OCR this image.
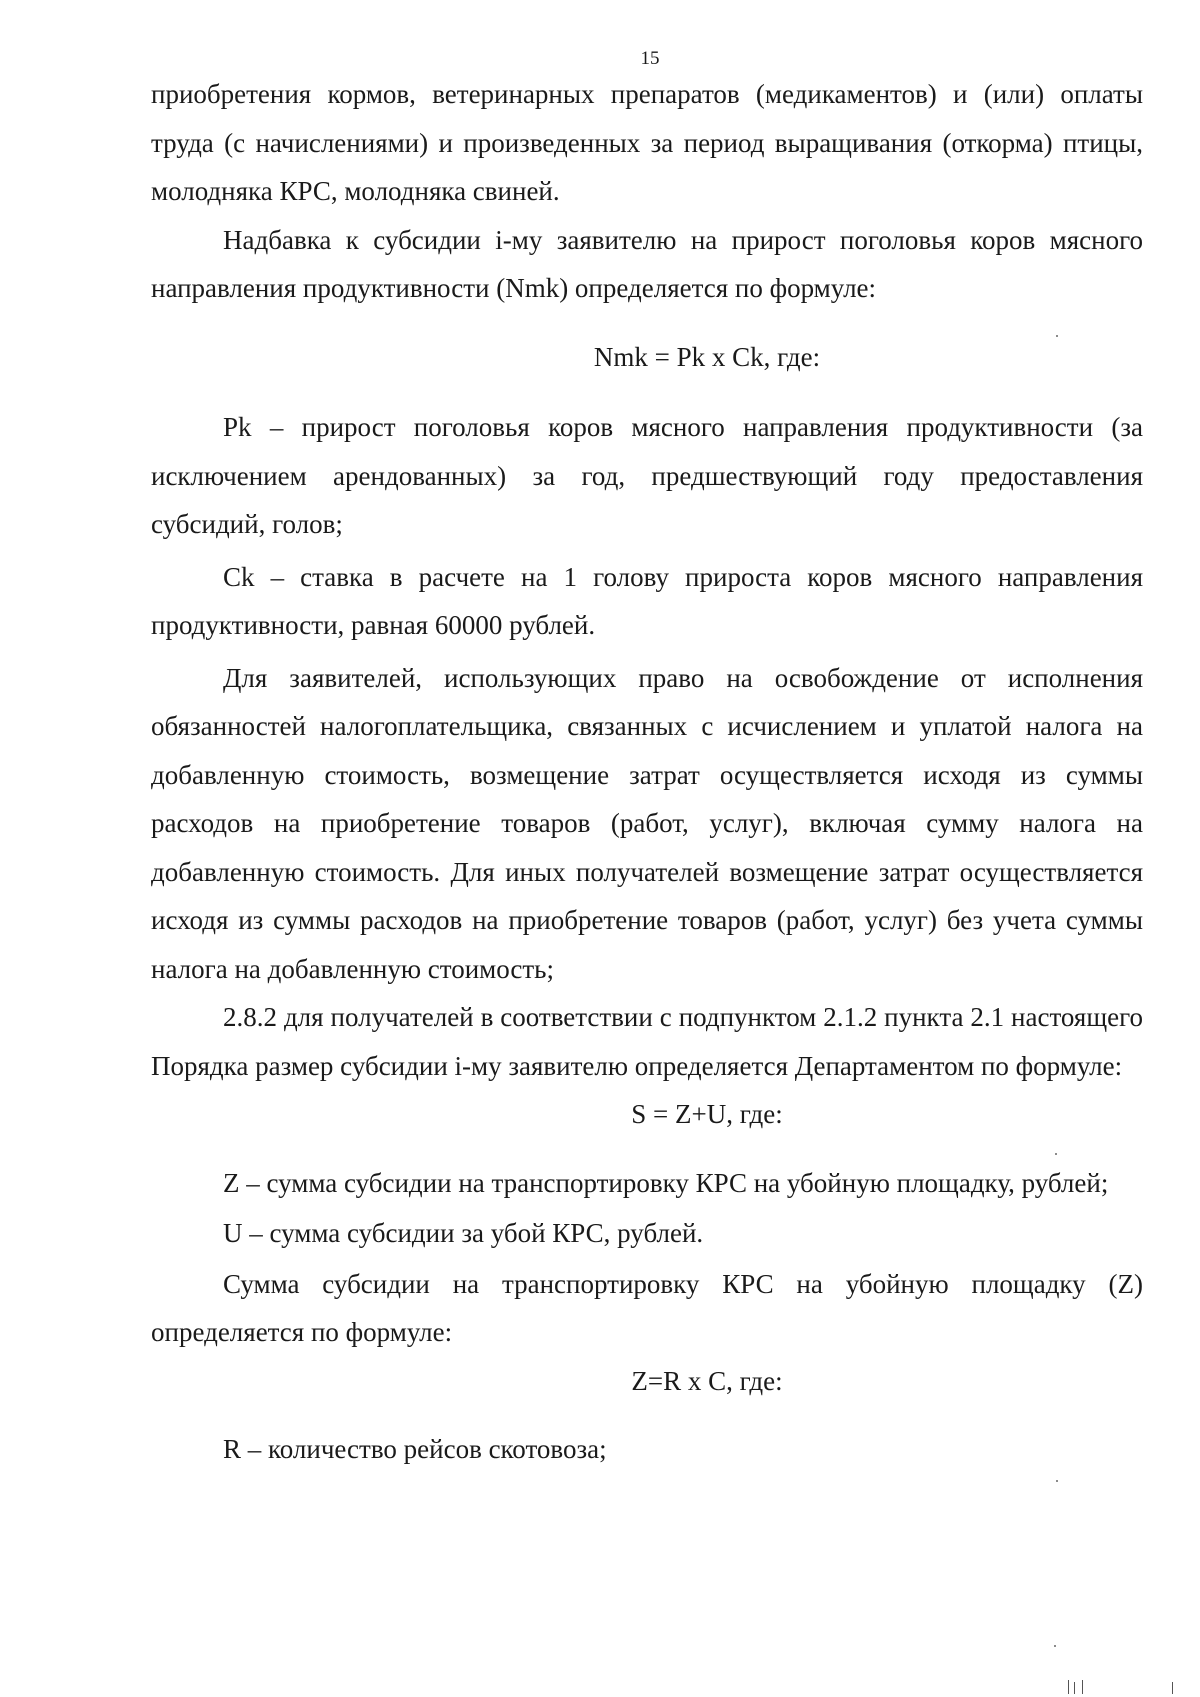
15

приобретения кормов, ветеринарных препаратов (медикаментов) и (или) оплаты труда (с начислениями) и произведенных за период выращивания (откорма) птицы, молодняка КРС, молодняка свиней.

Надбавка к субсидии i-му заявителю на прирост поголовья коров мясного направления продуктивности (Nmk) определяется по формуле:

Nmk = Pk x Ck, где:

Pk – прирост поголовья коров мясного направления продуктивности (за исключением арендованных) за год, предшествующий году предоставления субсидий, голов;

Ck – ставка в расчете на 1 голову прироста коров мясного направления продуктивности, равная 60000 рублей.

Для заявителей, использующих право на освобождение от исполнения обязанностей налогоплательщика, связанных с исчислением и уплатой налога на добавленную стоимость, возмещение затрат осуществляется исходя из суммы расходов на приобретение товаров (работ, услуг), включая сумму налога на добавленную стоимость. Для иных получателей возмещение затрат осуществляется исходя из суммы расходов на приобретение товаров (работ, услуг) без учета суммы налога на добавленную стоимость;

2.8.2 для получателей в соответствии с подпунктом 2.1.2 пункта 2.1 настоящего Порядка размер субсидии i-му заявителю определяется Департаментом по формуле:

S = Z+U, где:

Z – сумма субсидии на транспортировку КРС на убойную площадку, рублей;

U – сумма субсидии за убой КРС, рублей.

Сумма субсидии на транспортировку КРС на убойную площадку (Z) определяется по формуле:

Z=R x C, где:

R – количество рейсов скотовоза;
